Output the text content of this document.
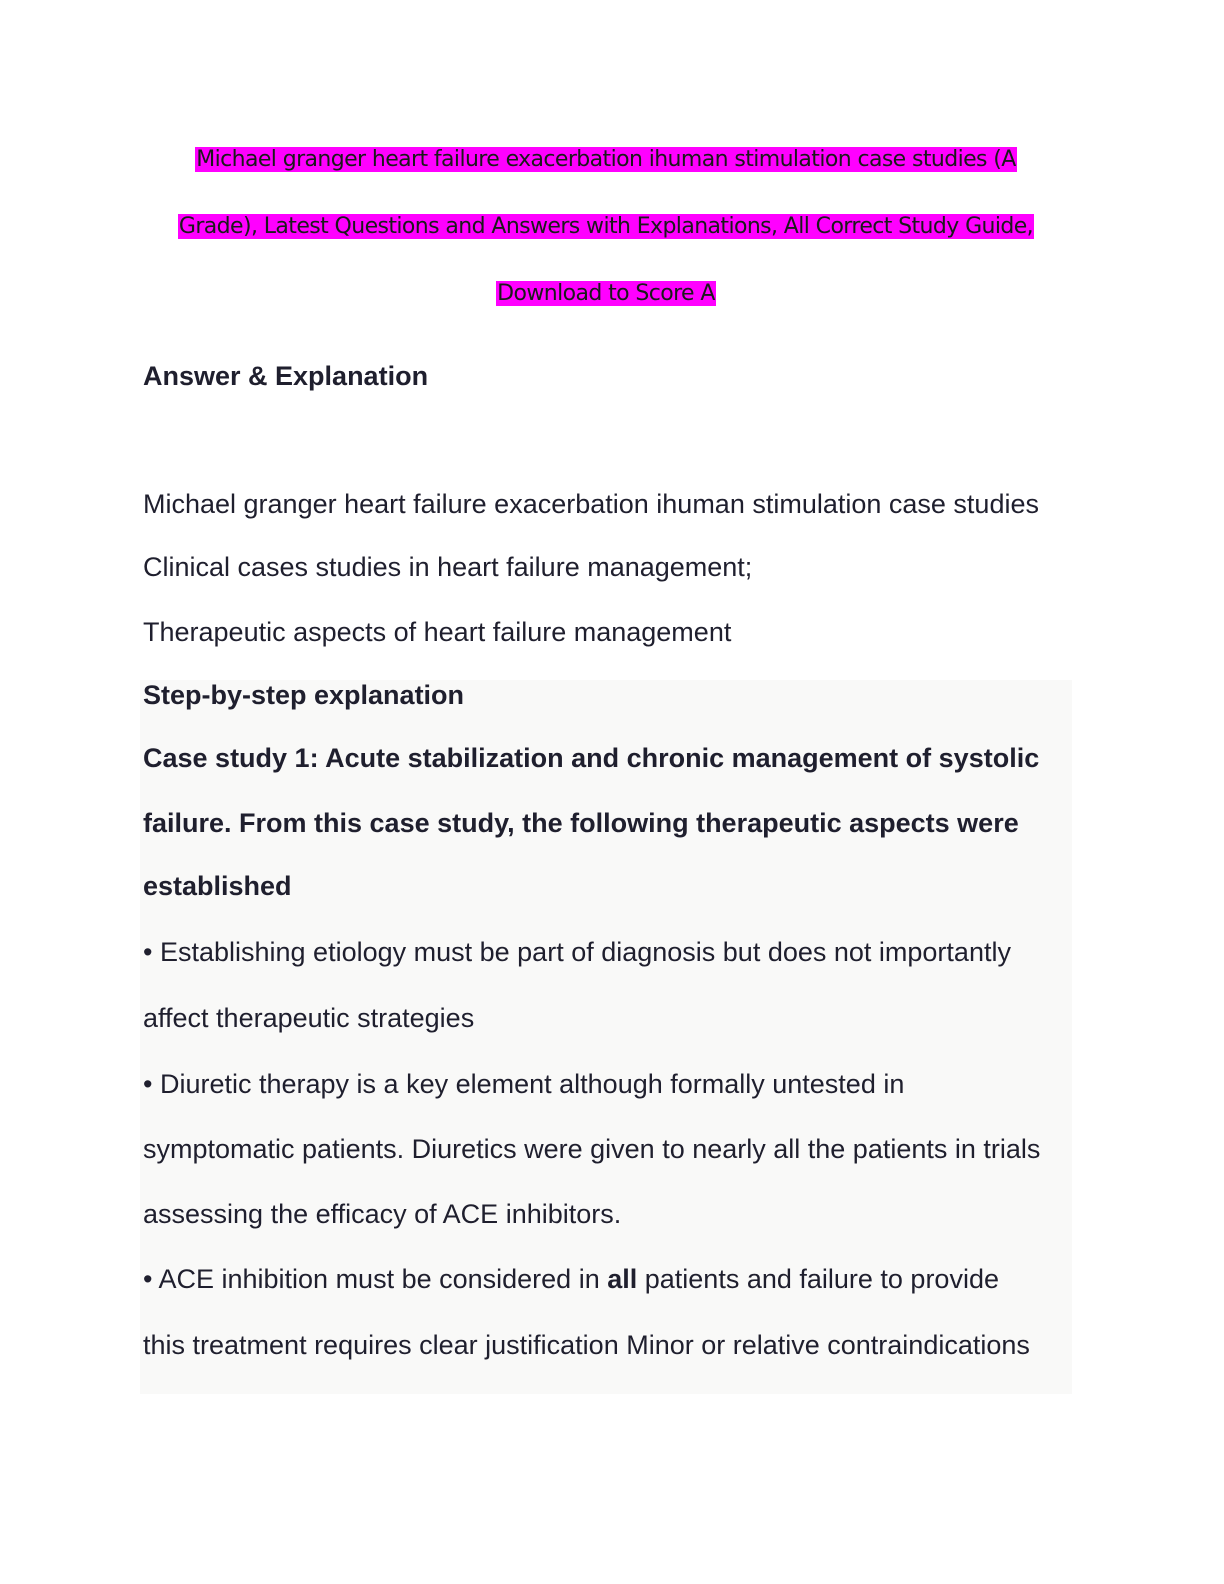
Michael granger heart failure exacerbation ihuman stimulation case studies (A
Grade), Latest Questions and Answers with Explanations, All Correct Study Guide,
Download to Score A
Answer & Explanation

Michael granger heart failure exacerbation ihuman stimulation case studies

Clinical cases studies in heart failure management;

Therapeutic aspects of heart failure management

Step-by-step explanation

Case study 1: Acute stabilization and chronic management of systolic

failure. From this case study, the following therapeutic aspects were

established

• Establishing etiology must be part of diagnosis but does not importantly

affect therapeutic strategies

• Diuretic therapy is a key element although formally untested in

symptomatic patients. Diuretics were given to nearly all the patients in trials

assessing the efficacy of ACE inhibitors.

• ACE inhibition must be considered in all patients and failure to provide

this treatment requires clear justification Minor or relative contraindications
